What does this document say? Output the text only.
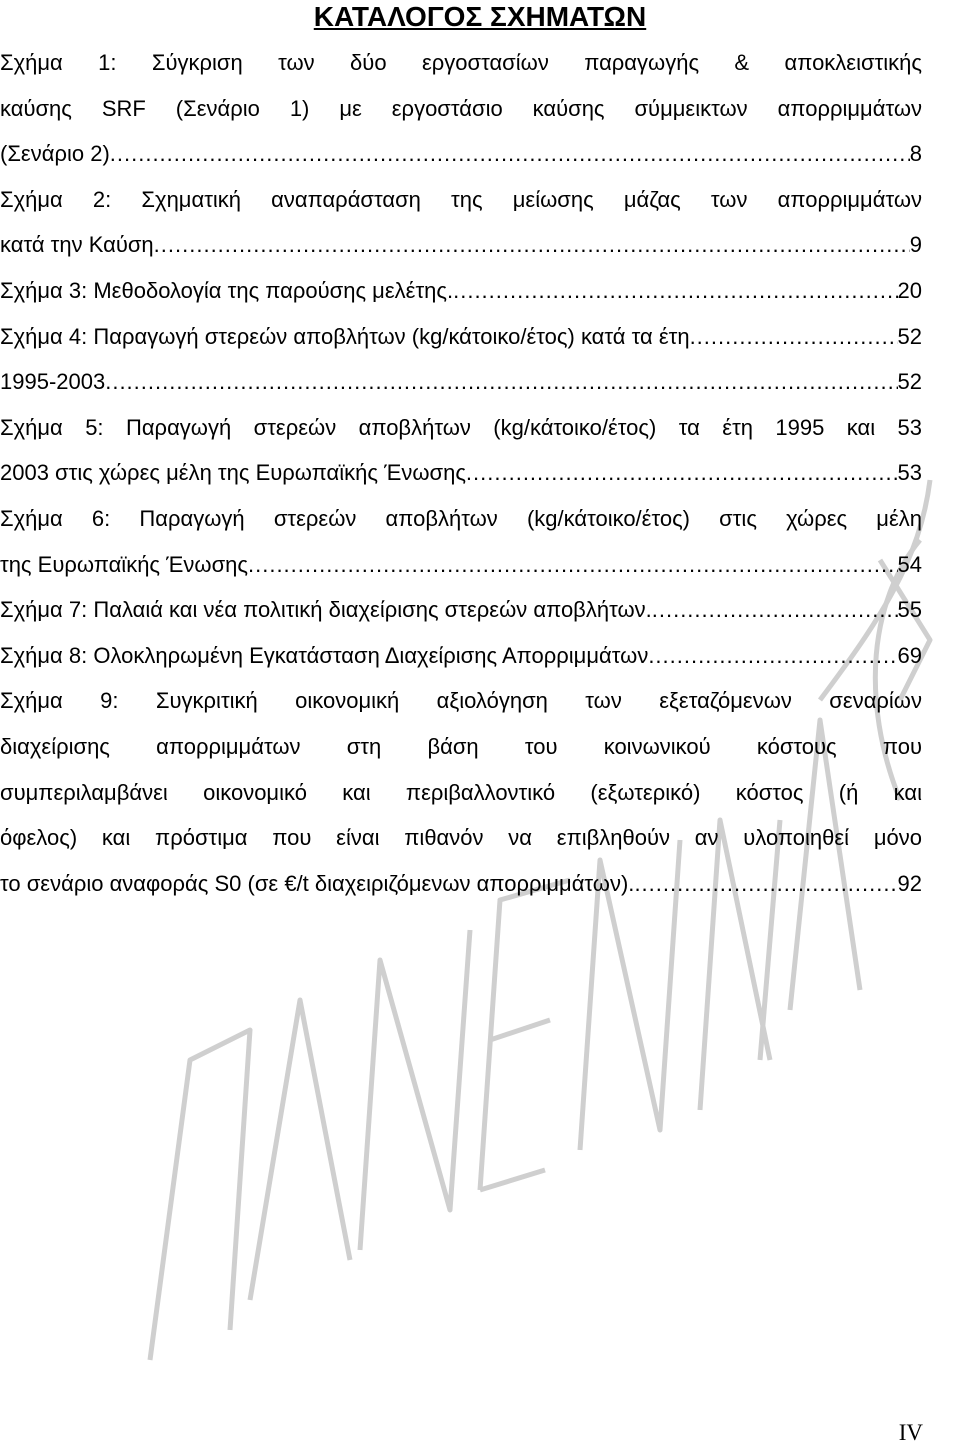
ΚΑΤΑΛΟΓΟΣ ΣΧΗΜΑΤΩΝ
Σχήμα 1: Σύγκριση των δύο εργοστασίων παραγωγής & αποκλειστικής
καύσης SRF (Σενάριο 1) με εργοστάσιο καύσης σύμμεικτων απορριμμάτων
(Σενάριο 2) .....	8
Σχήμα 2: Σχηματική αναπαράσταση της μείωσης μάζας των απορριμμάτων
κατά την Καύση .....	9
Σχήμα 3: Μεθοδολογία της παρούσης μελέτης. .....	20
Σχήμα 4: Παραγωγή στερεών αποβλήτων (kg/κάτοικο/έτος) κατά τα έτη .....	52
1995-2003 .....	52
Σχήμα 5: Παραγωγή στερεών αποβλήτων (kg/κάτοικο/έτος) τα έτη 1995 και 53
2003 στις χώρες μέλη της Ευρωπαϊκής Ένωσης .....	53
Σχήμα 6: Παραγωγή στερεών αποβλήτων (kg/κάτοικο/έτος) στις χώρες μέλη
της Ευρωπαϊκής Ένωσης .....	54
Σχήμα 7: Παλαιά και νέα πολιτική διαχείρισης στερεών αποβλήτων. .....	55
Σχήμα 8: Ολοκληρωμένη Εγκατάσταση Διαχείρισης Απορριμμάτων .....	69
Σχήμα 9: Συγκριτική οικονομική αξιολόγηση των εξεταζόμενων σεναρίων
διαχείρισης απορριμμάτων στη βάση του κοινωνικού κόστους που
συμπεριλαμβάνει οικονομικό και περιβαλλοντικό (εξωτερικό) κόστος (ή και
όφελος) και πρόστιμα που είναι πιθανόν να επιβληθούν αν υλοποιηθεί μόνο
το σενάριο αναφοράς S0 (σε €/t διαχειριζόμενων απορριμμάτων). .....	92
IV
